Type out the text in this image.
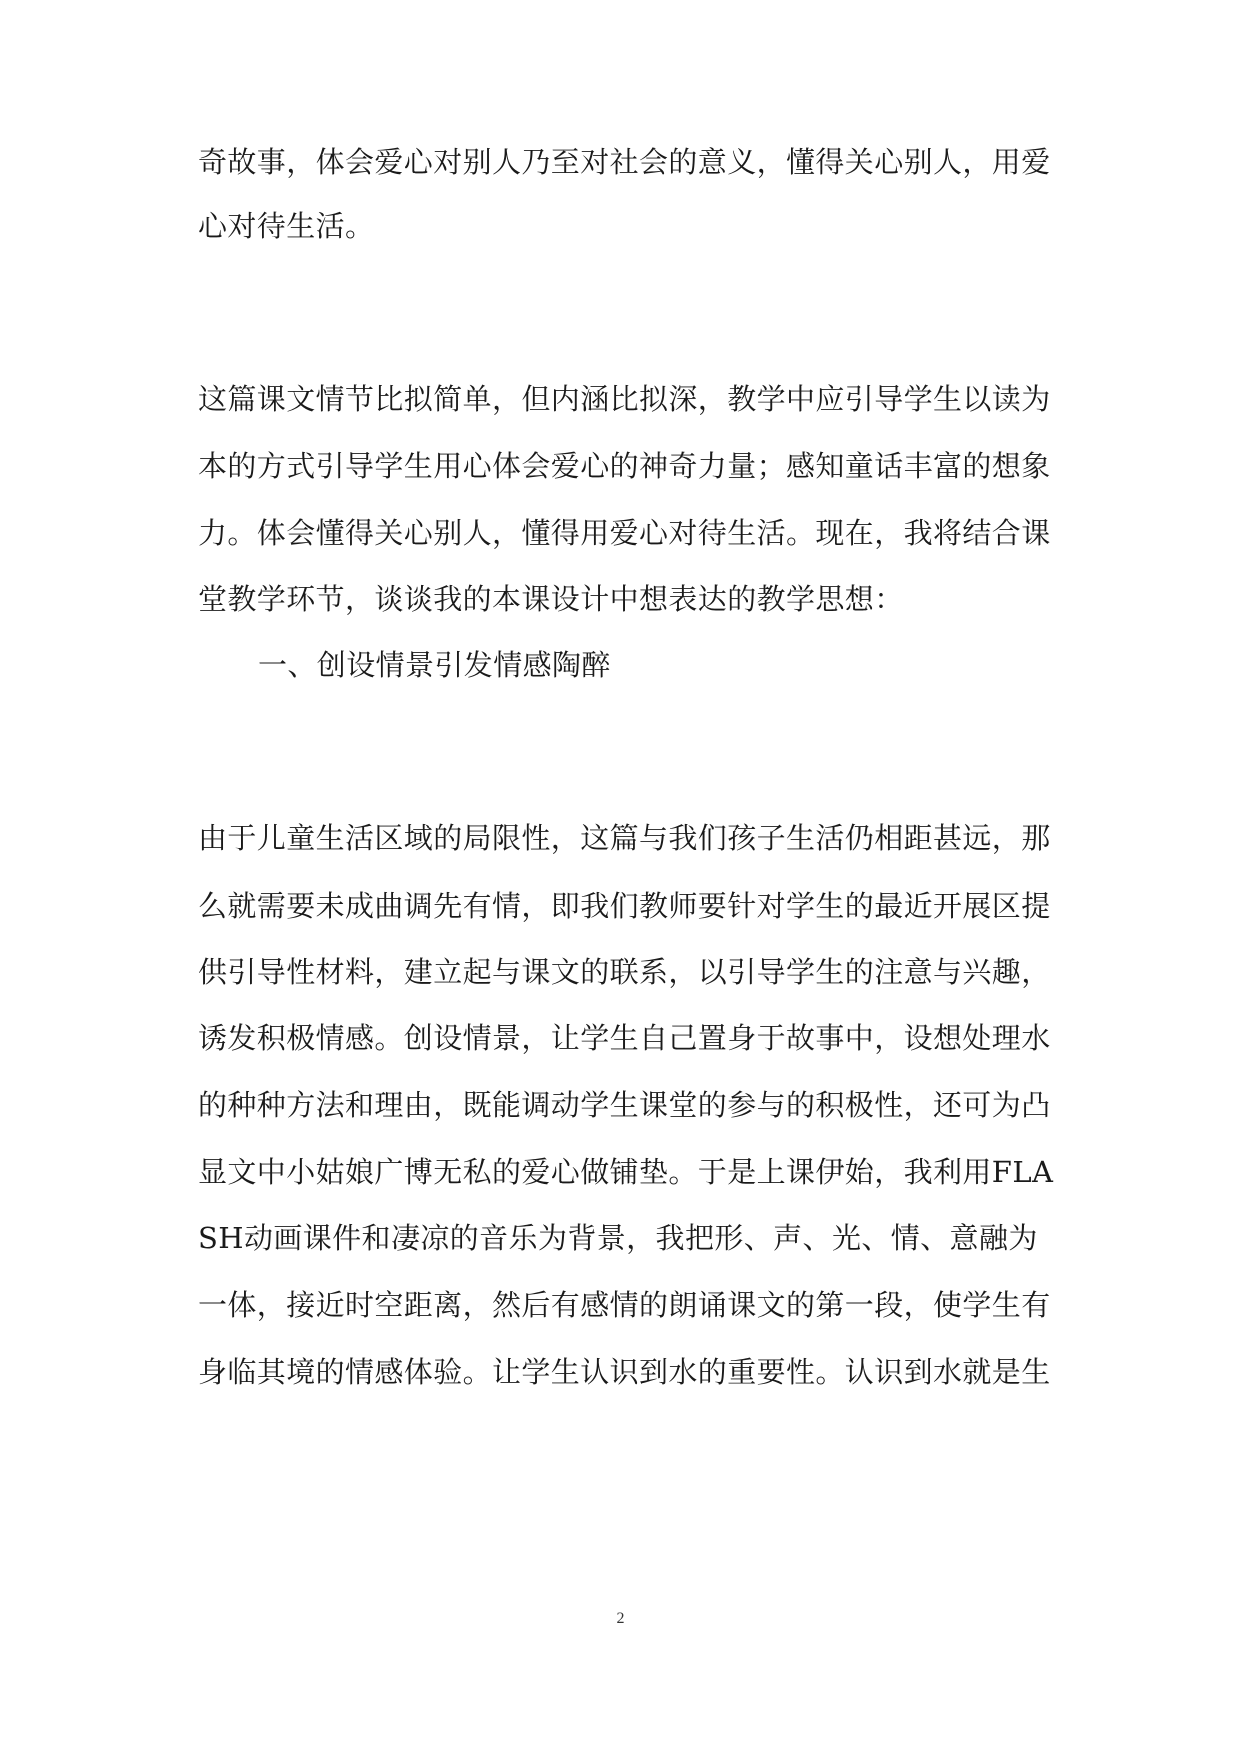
奇故事，体会爱心对别人乃至对社会的意义，懂得关心别人，用爱
心对待生活。
这篇课文情节比拟简单，但内涵比拟深，教学中应引导学生以读为
本的方式引导学生用心体会爱心的神奇力量；感知童话丰富的想象
力。体会懂得关心别人，懂得用爱心对待生活。现在，我将结合课
堂教学环节，谈谈我的本课设计中想表达的教学思想：
一、创设情景引发情感陶醉
由于儿童生活区域的局限性，这篇与我们孩子生活仍相距甚远，那
么就需要未成曲调先有情，即我们教师要针对学生的最近开展区提
供引导性材料，建立起与课文的联系，以引导学生的注意与兴趣，
诱发积极情感。创设情景，让学生自己置身于故事中，设想处理水
的种种方法和理由，既能调动学生课堂的参与的积极性，还可为凸
显文中小姑娘广博无私的爱心做铺垫。于是上课伊始，我利用FLA
SH动画课件和凄凉的音乐为背景，我把形、声、光、情、意融为
一体，接近时空距离，然后有感情的朗诵课文的第一段，使学生有
身临其境的情感体验。让学生认识到水的重要性。认识到水就是生
2
